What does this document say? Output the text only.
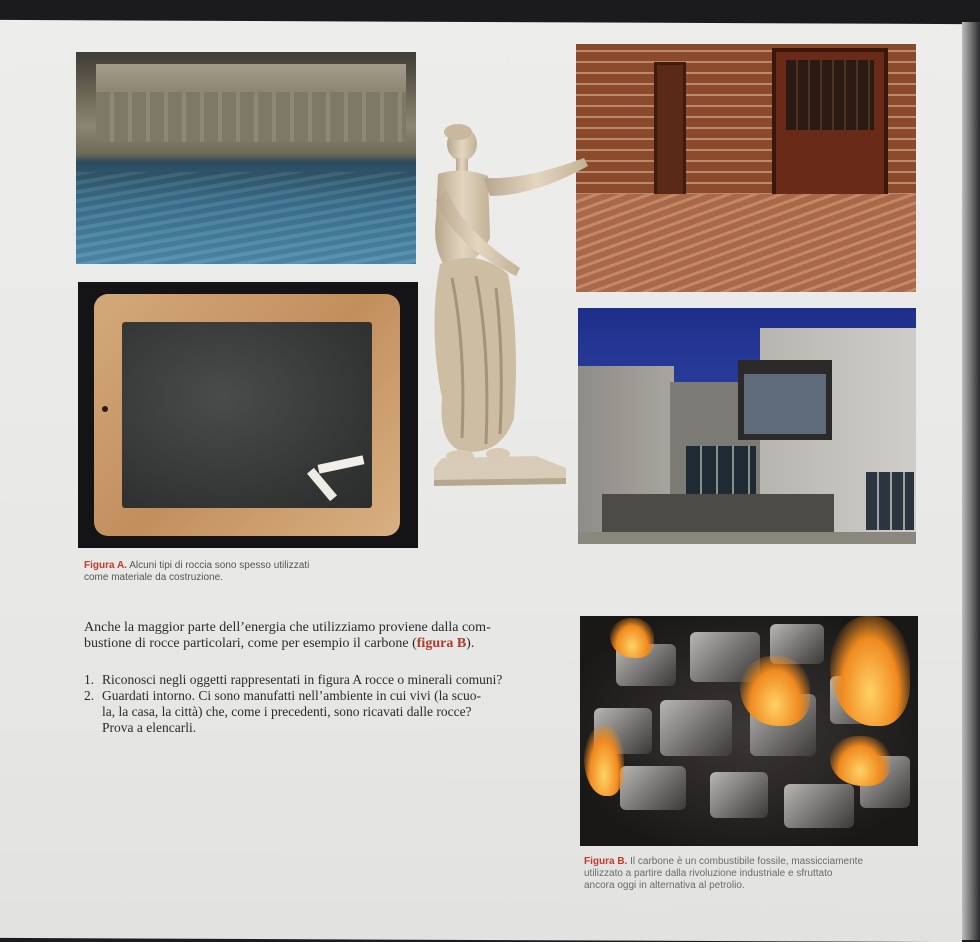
Figura A. Alcuni tipi di roccia sono spesso utilizzati
come materiale da costruzione.
Anche la maggior parte dell’energia che utilizziamo proviene dalla com-
bustione di rocce particolari, come per esempio il carbone (figura B).
1. Riconosci negli oggetti rappresentati in figura A rocce o minerali comuni?
2. Guardati intorno. Ci sono manufatti nell’ambiente in cui vivi (la scuo-
la, la casa, la città) che, come i precedenti, sono ricavati dalle rocce?
Prova a elencarli.
Figura B. Il carbone è un combustibile fossile, massicciamente
utilizzato a partire dalla rivoluzione industriale e sfruttato
ancora oggi in alternativa al petrolio.
